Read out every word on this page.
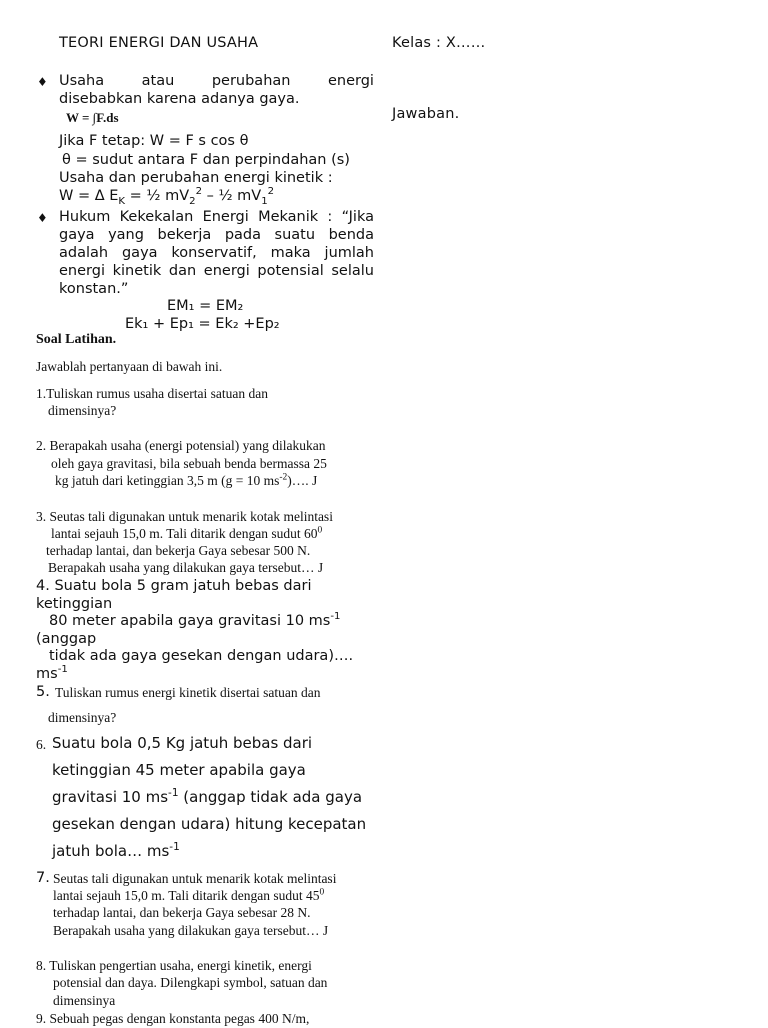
TEORI ENERGI DAN USAHA	Kelas : X……
Jawaban.
♦ Usaha	atau	perubahan	energi
disebabkan karena adanya gaya.
W = ∫F.ds
Jika F tetap: W = F s cos θ
θ = sudut antara F dan perpindahan (s)
Usaha dan perubahan energi kinetik :
W = Δ $E_K$ = ½ $mV_2^2$ – ½ $mV_1^2$
♦ Hukum Kekekalan Energi Mekanik : “Jika
gaya yang bekerja pada suatu benda
adalah gaya konservatif, maka jumlah
energi kinetik dan energi potensial selalu
konstan.”
EM₁ = EM₂
Ek₁ + Ep₁ = Ek₂ +Ep₂
Soal Latihan.
Jawablah pertanyaan di bawah ini.
1.Tuliskan rumus usaha disertai satuan dan
dimensinya?
2. Berapakah usaha (energi potensial) yang dilakukan
oleh gaya gravitasi, bila sebuah benda bermassa 25
kg jatuh dari ketinggian 3,5 m (g = 10 $ms^{-2})\dots$. J
3. Seutas tali digunakan untuk menarik kotak melintasi
lantai sejauh 15,0 m. Tali ditarik dengan sudut $60^0$
terhadap lantai, dan bekerja Gaya sebesar 500 N.
Berapakah usaha yang dilakukan gaya tersebut… J
4. Suatu bola 5 gram jatuh bebas dari
ketinggian
80 meter apabila gaya gravitasi 10 $ms^{-1}$
(anggap
tidak ada gaya gesekan dengan udara)….
$ms^{-1}$
5. Tuliskan rumus energi kinetik disertai satuan dan
dimensinya?
6. Suatu bola 0,5 Kg jatuh bebas dari
ketinggian 45 meter apabila gaya
gravitasi 10 $ms^{-1}$ (anggap tidak ada gaya
gesekan dengan udara) hitung kecepatan
jatuh bola… $ms^{-1}$
7. Seutas tali digunakan untuk menarik kotak melintasi
lantai sejauh 15,0 m. Tali ditarik dengan sudut $45^0$
terhadap lantai, dan bekerja Gaya sebesar 28 N.
Berapakah usaha yang dilakukan gaya tersebut… J
8. Tuliskan pengertian usaha, energi kinetik, energi
potensial dan daya. Dilengkapi symbol, satuan dan
dimensinya
9. Sebuah pegas dengan konstanta pegas 400 N/m,
